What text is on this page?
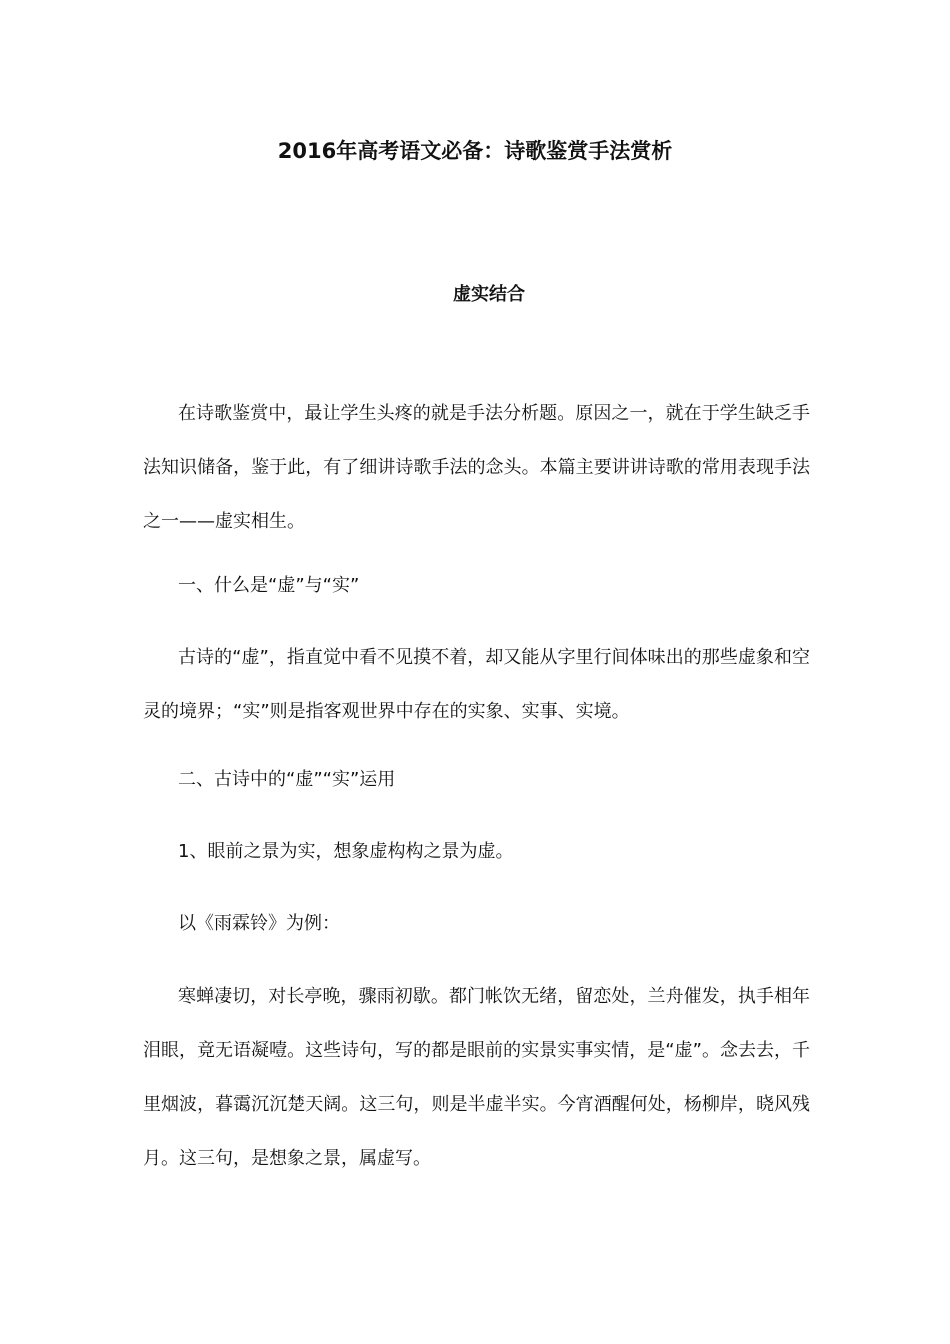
2016年高考语文必备：诗歌鉴赏手法赏析
虚实结合

在诗歌鉴赏中，最让学生头疼的就是手法分析题。原因之一，就在于学生缺乏手法知识储备，鉴于此，有了细讲诗歌手法的念头。本篇主要讲讲诗歌的常用表现手法之一——虚实相生。

一、什么是“虚”与“实”

古诗的“虚”，指直觉中看不见摸不着，却又能从字里行间体味出的那些虚象和空灵的境界；“实”则是指客观世界中存在的实象、实事、实境。

二、古诗中的“虚”“实”运用

1、眼前之景为实，想象虚构构之景为虚。

以《雨霖铃》为例：

寒蝉凄切，对长亭晚，骤雨初歇。都门帐饮无绪，留恋处，兰舟催发，执手相年泪眼，竟无语凝噎。这些诗句，写的都是眼前的实景实事实情，是“虚”。念去去，千里烟波，暮霭沉沉楚天阔。这三句，则是半虚半实。今宵酒醒何处，杨柳岸，晓风残月。这三句，是想象之景，属虚写。
